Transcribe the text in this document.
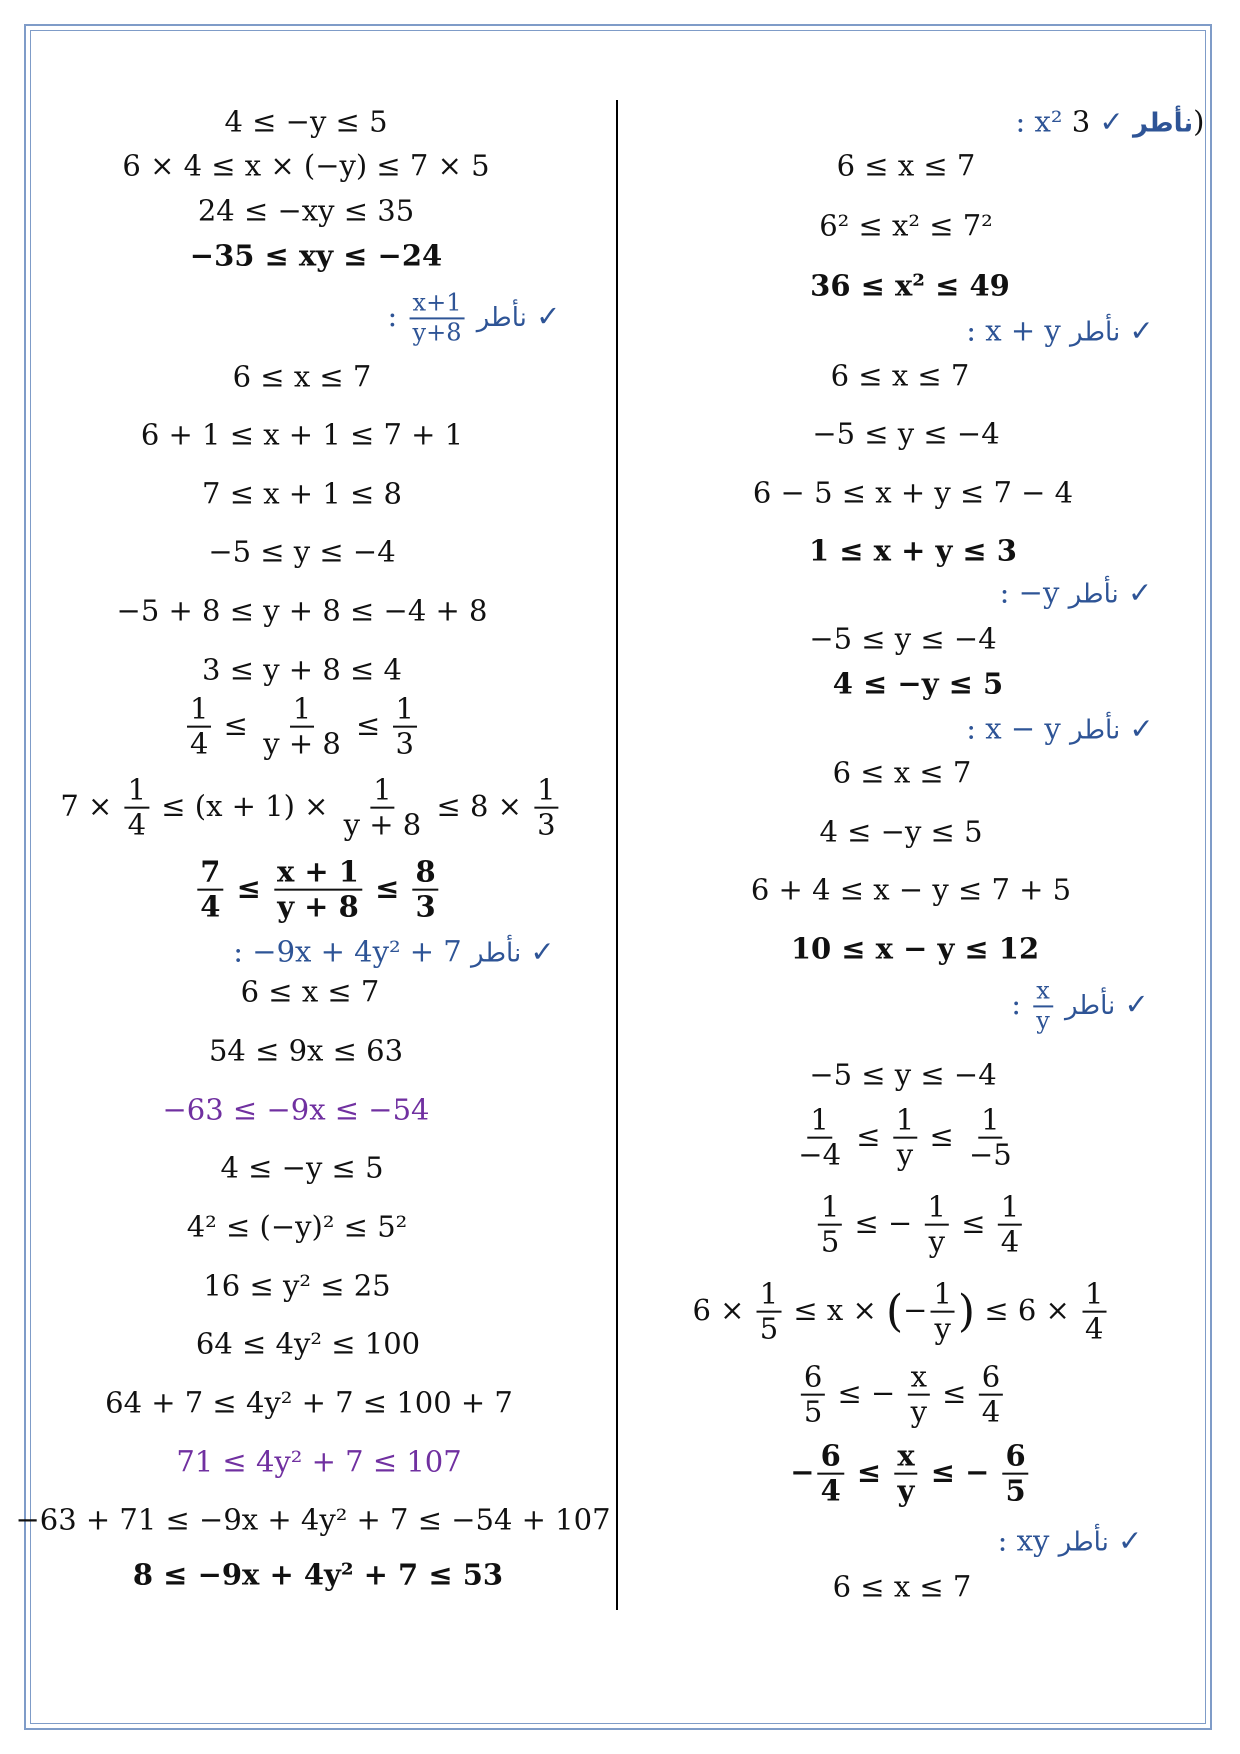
4 ≤ −y ≤ 5
6 × 4 ≤ x × (−y) ≤ 7 × 5
24 ≤ −xy ≤ 35
−35 ≤ xy ≤ −24
: $\frac{x+1}{y+8}$ نأطر ✓
6 ≤ x ≤ 7
6 + 1 ≤ x + 1 ≤ 7 + 1
7 ≤ x + 1 ≤ 8
−5 ≤ y ≤ −4
−5 + 8 ≤ y + 8 ≤ −4 + 8
3 ≤ y + 8 ≤ 4
$\frac{1}{4} \le \frac{1}{y + 8} \le \frac{1}{3}$
$7 \times \frac{1}{4} \le (x + 1) \times \frac{1}{y + 8} \le 8 \times \frac{1}{3}$
$\frac{7}{4} \le \frac{x + 1}{y + 8} \le \frac{8}{3}$
: −9x + 4y² + 7 نأطر ✓
6 ≤ x ≤ 7
54 ≤ 9x ≤ 63
−63 ≤ −9x ≤ −54
4 ≤ −y ≤ 5
4² ≤ (−y)² ≤ 5²
16 ≤ y² ≤ 25
64 ≤ 4y² ≤ 100
64 + 7 ≤ 4y² + 7 ≤ 100 + 7
71 ≤ 4y² + 7 ≤ 107
−63 + 71 ≤ −9x + 4y² + 7 ≤ −54 + 107
8 ≤ −9x + 4y² + 7 ≤ 53
: x²	نأطر ✓ 3)
6 ≤ x ≤ 7
6² ≤ x² ≤ 7²
36 ≤ x² ≤ 49
: x + y نأطر ✓
6 ≤ x ≤ 7
−5 ≤ y ≤ −4
6 − 5 ≤ x + y ≤ 7 − 4
1 ≤ x + y ≤ 3
: −y نأطر ✓
−5 ≤ y ≤ −4
4 ≤ −y ≤ 5
: x − y نأطر ✓
6 ≤ x ≤ 7
4 ≤ −y ≤ 5
6 + 4 ≤ x − y ≤ 7 + 5
10 ≤ x − y ≤ 12
: $\frac{x}{y}$ نأطر ✓
−5 ≤ y ≤ −4
$\frac{1}{-4} \le \frac{1}{y} \le \frac{1}{-5}$
$\frac{1}{5}$ ≤ − $\frac{1}{y} \le \frac{1}{4}$
$6 \times \frac{1}{5} \le x$ × (− $\frac{1}{y}$ ) ≤ $6 \times \frac{1}{4}$
$\frac{6}{5}$ ≤ − $\frac{x}{y} \le \frac{6}{4}$
− $\frac{6}{4} \le \frac{x}{y}$ ≤ − $\frac{6}{5}$
: xy نأطر ✓
6 ≤ x ≤ 7
